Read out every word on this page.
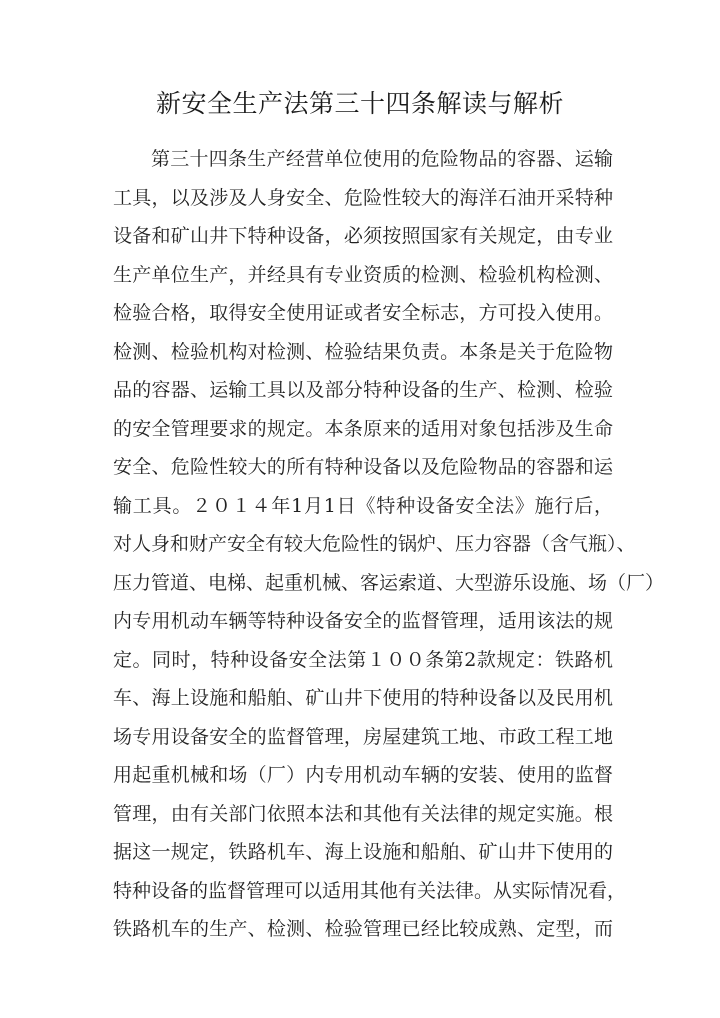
新安全生产法第三十四条解读与解析
第三十四条生产经营单位使用的危险物品的容器、运输
工具，以及涉及人身安全、危险性较大的海洋石油开采特种
设备和矿山井下特种设备，必须按照国家有关规定，由专业
生产单位生产，并经具有专业资质的检测、检验机构检测、
检验合格，取得安全使用证或者安全标志，方可投入使用。
检测、检验机构对检测、检验结果负责。本条是关于危险物
品的容器、运输工具以及部分特种设备的生产、检测、检验
的安全管理要求的规定。本条原来的适用对象包括涉及生命
安全、危险性较大的所有特种设备以及危险物品的容器和运
输工具。２０１４年1月1日《特种设备安全法》施行后，
对人身和财产安全有较大危险性的锅炉、压力容器（含气瓶）、
压力管道、电梯、起重机械、客运索道、大型游乐设施、场（厂）
内专用机动车辆等特种设备安全的监督管理，适用该法的规
定。同时，特种设备安全法第１００条第2款规定：铁路机
车、海上设施和船舶、矿山井下使用的特种设备以及民用机
场专用设备安全的监督管理，房屋建筑工地、市政工程工地
用起重机械和场（厂）内专用机动车辆的安装、使用的监督
管理，由有关部门依照本法和其他有关法律的规定实施。根
据这一规定，铁路机车、海上设施和船舶、矿山井下使用的
特种设备的监督管理可以适用其他有关法律。从实际情况看，
铁路机车的生产、检测、检验管理已经比较成熟、定型，而
